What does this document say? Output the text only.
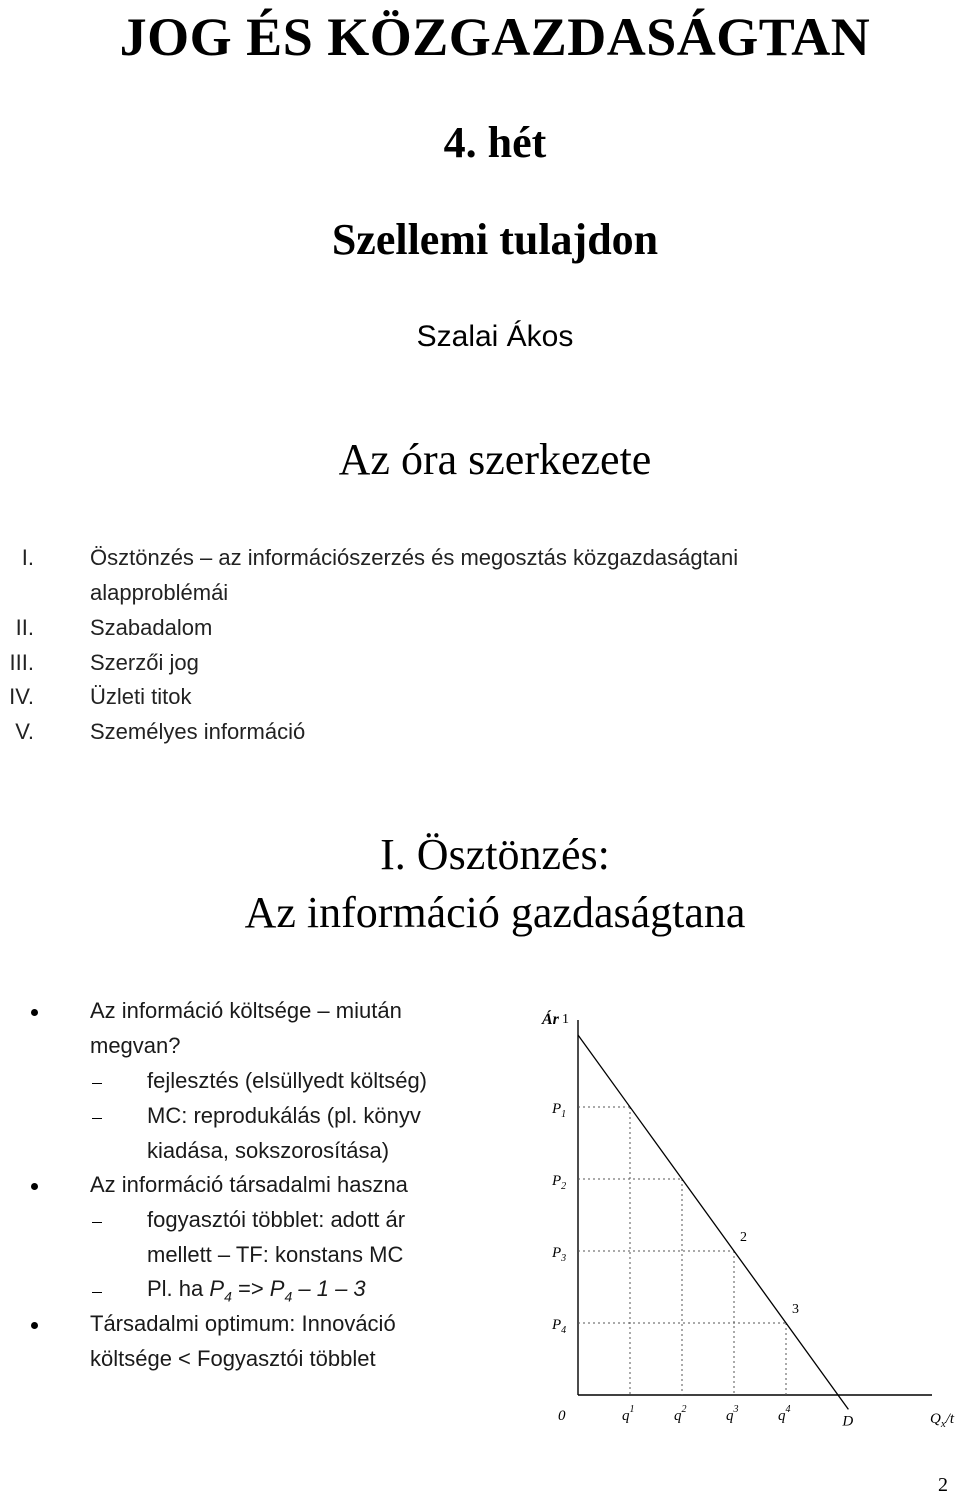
JOG ÉS KÖZGAZDASÁGTAN
4. hét
Szellemi tulajdon
Szalai Ákos
Az óra szerkezete
I.	Ösztönzés – az információszerzés és megosztás közgazdaságtani
alapproblémái
II.	Szabadalom
III.	Szerzői jog
IV.	Üzleti titok
V.	Személyes információ
I. Ösztönzés:
Az információ gazdaságtana
Az információ költsége – miután
megvan?
fejlesztés (elsüllyedt költség)
MC: reprodukálás (pl. könyv
kiadása, sokszorosítása)
Az információ társadalmi haszna
fogyasztói többlet: adott ár
mellett – TF: konstans MC
Pl. ha $P_4 => P_4 - 1 - 3$
Társadalmi optimum: Innováció
költsége < Fogyasztói többlet
Ár
0	$Q_x/t$
$P_1$
$P_2$
$P_3$
$P_4$
$q^1$	$q^2$	$q^3$	$q^4$
1
2
3
D
2
